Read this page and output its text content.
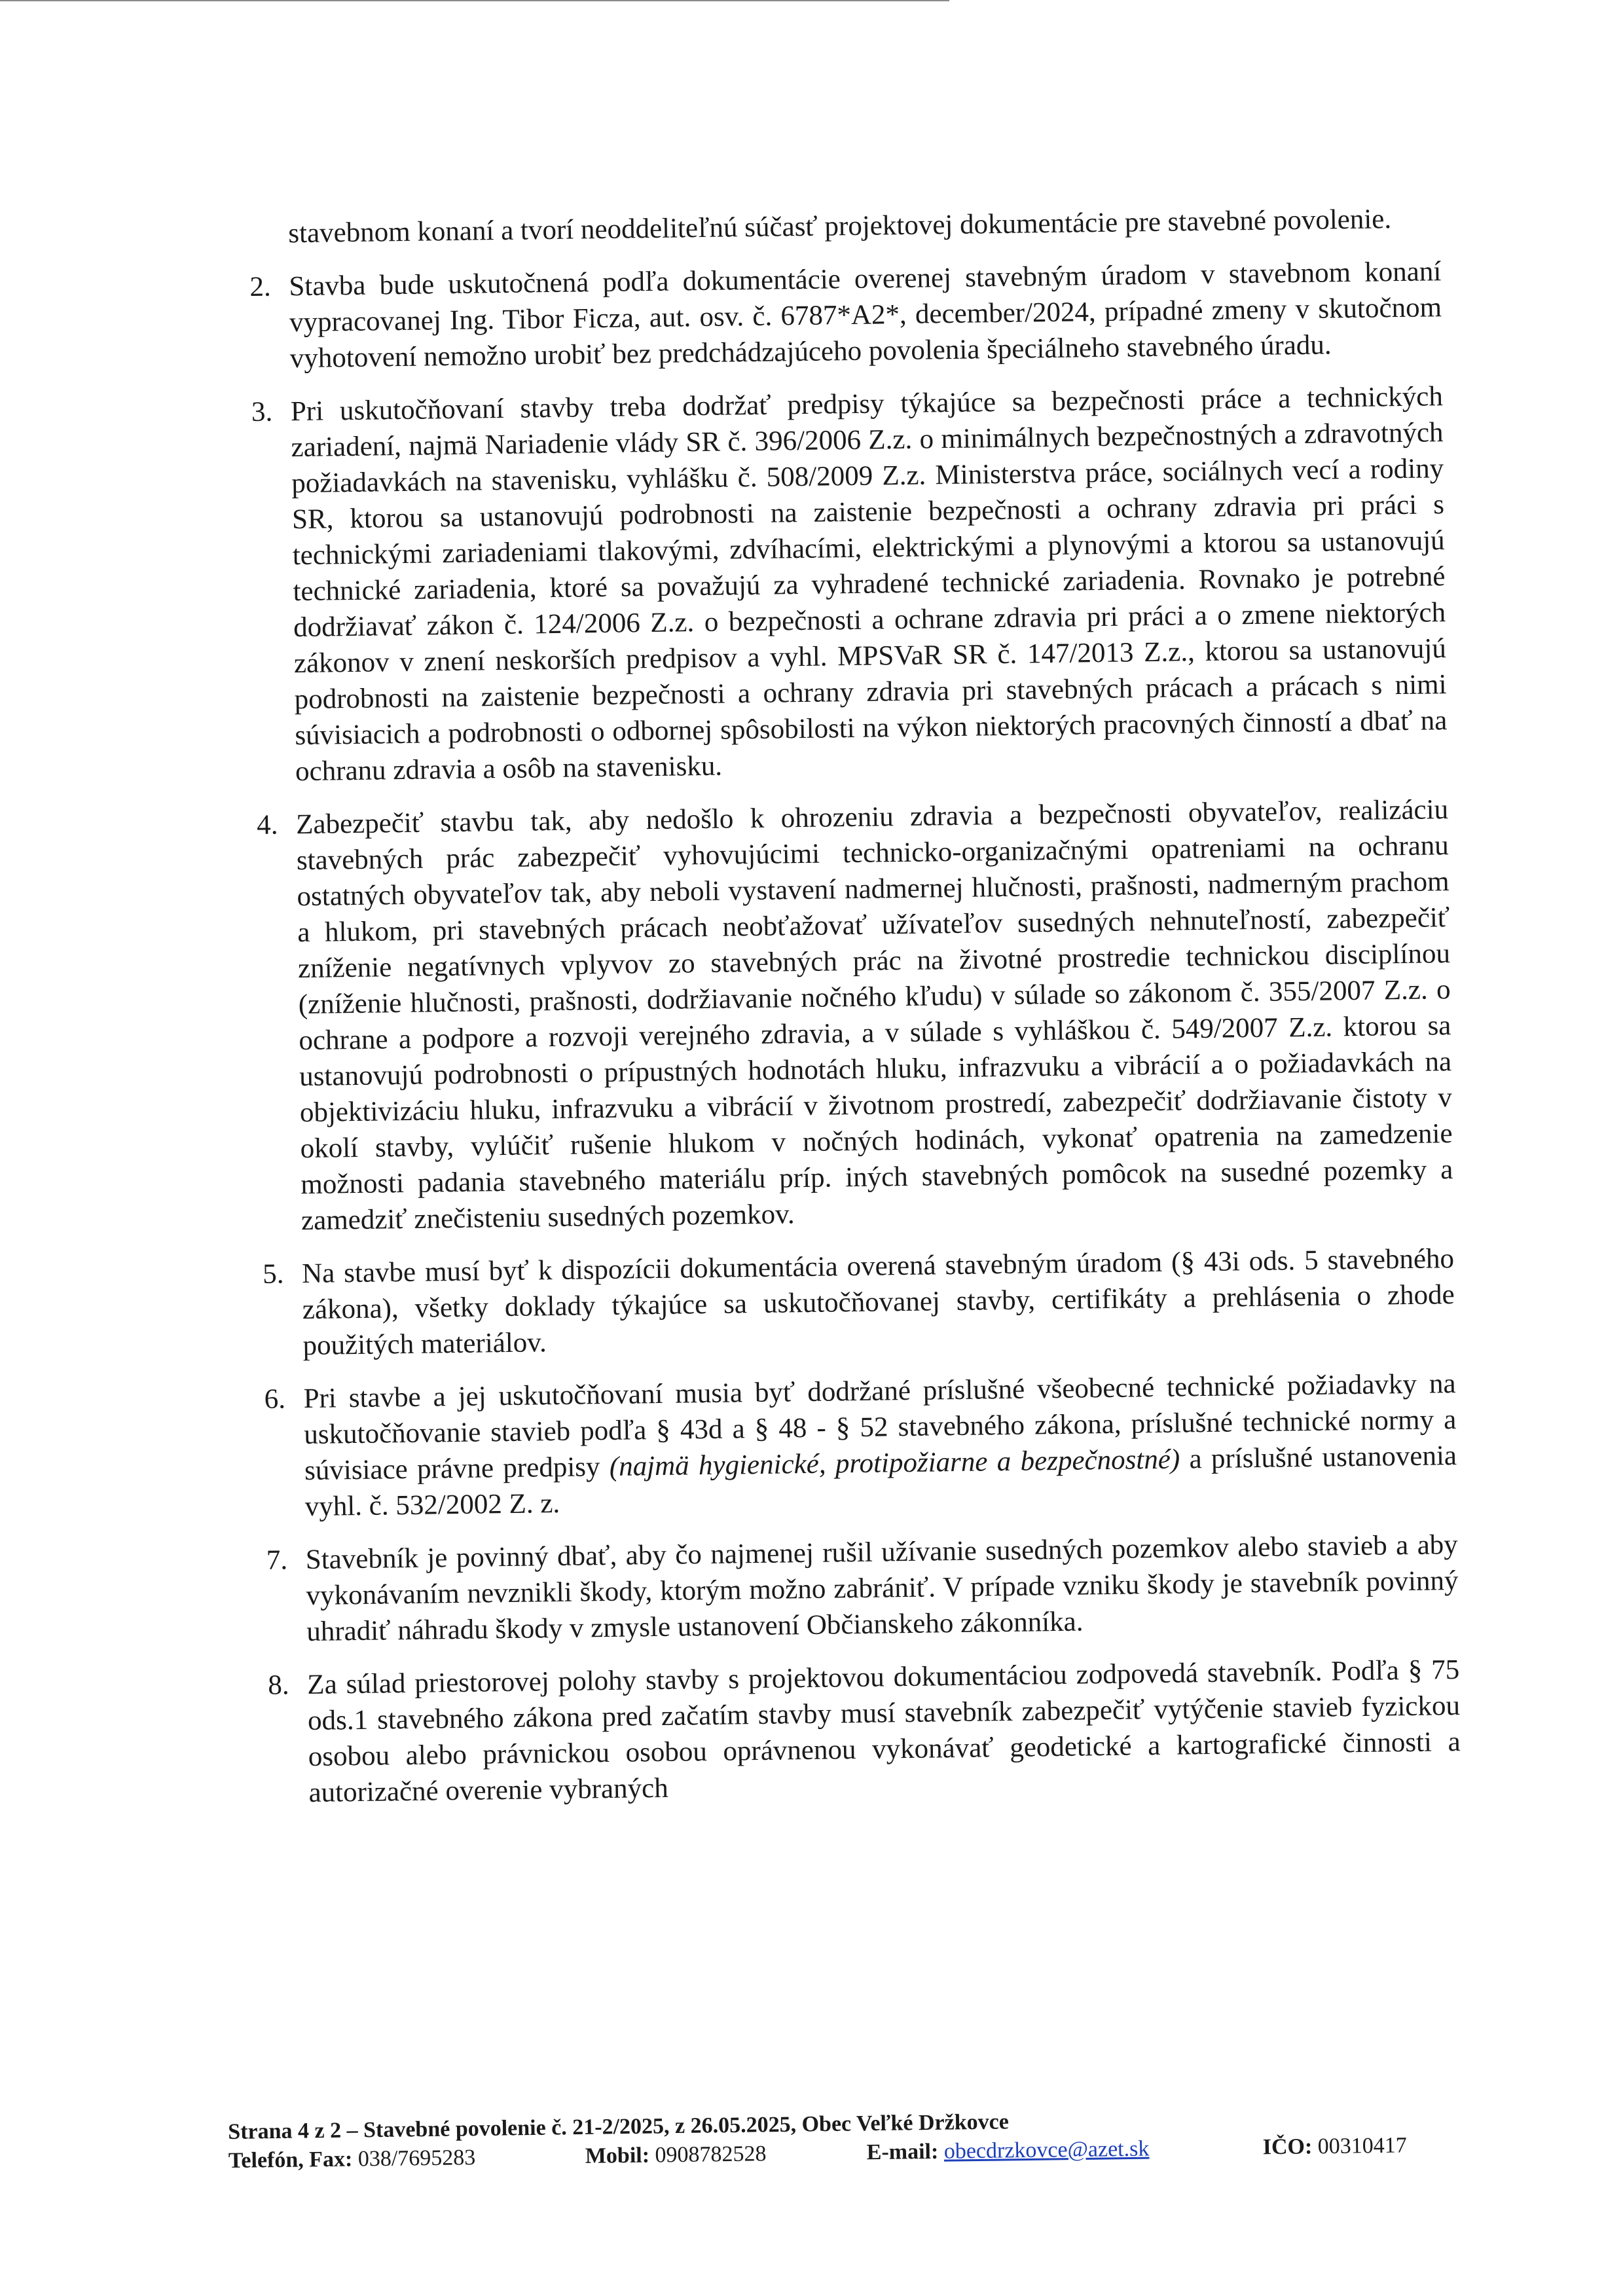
stavebnom konaní a tvorí neoddeliteľnú súčasť projektovej dokumentácie pre stavebné povolenie.

2. Stavba bude uskutočnená podľa dokumentácie overenej stavebným úradom v stavebnom konaní vypracovanej Ing. Tibor Ficza, aut. osv. č. 6787*A2*, december/2024, prípadné zmeny v skutočnom vyhotovení nemožno urobiť bez predchádzajúceho povolenia špeciálneho stavebného úradu.

3. Pri uskutočňovaní stavby treba dodržať predpisy týkajúce sa bezpečnosti práce a technických zariadení, najmä Nariadenie vlády SR č. 396/2006 Z.z. o minimálnych bezpečnostných a zdravotných požiadavkách na stavenisku, vyhlášku č. 508/2009 Z.z. Ministerstva práce, sociálnych vecí a rodiny SR, ktorou sa ustanovujú podrobnosti na zaistenie bezpečnosti a ochrany zdravia pri práci s technickými zariadeniami tlakovými, zdvíhacími, elektrickými a plynovými a ktorou sa ustanovujú technické zariadenia, ktoré sa považujú za vyhradené technické zariadenia. Rovnako je potrebné dodržiavať zákon č. 124/2006 Z.z. o bezpečnosti a ochrane zdravia pri práci a o zmene niektorých zákonov v znení neskorších predpisov a vyhl. MPSVaR SR č. 147/2013 Z.z., ktorou sa ustanovujú podrobnosti na zaistenie bezpečnosti a ochrany zdravia pri stavebných prácach a prácach s nimi súvisiacich a podrobnosti o odbornej spôsobilosti na výkon niektorých pracovných činností a dbať na ochranu zdravia a osôb na stavenisku.

4. Zabezpečiť stavbu tak, aby nedošlo k ohrozeniu zdravia a bezpečnosti obyvateľov, realizáciu stavebných prác zabezpečiť vyhovujúcimi technicko-organizačnými opatreniami na ochranu ostatných obyvateľov tak, aby neboli vystavení nadmernej hlučnosti, prašnosti, nadmerným prachom a hlukom, pri stavebných prácach neobťažovať užívateľov susedných nehnuteľností, zabezpečiť zníženie negatívnych vplyvov zo stavebných prác na životné prostredie technickou disciplínou (zníženie hlučnosti, prašnosti, dodržiavanie nočného kľudu) v súlade so zákonom č. 355/2007 Z.z. o ochrane a podpore a rozvoji verejného zdravia, a v súlade s vyhláškou č. 549/2007 Z.z. ktorou sa ustanovujú podrobnosti o prípustných hodnotách hluku, infrazvuku a vibrácií a o požiadavkách na objektivizáciu hluku, infrazvuku a vibrácií v životnom prostredí, zabezpečiť dodržiavanie čistoty v okolí stavby, vylúčiť rušenie hlukom v nočných hodinách, vykonať opatrenia na zamedzenie možnosti padania stavebného materiálu príp. iných stavebných pomôcok na susedné pozemky a zamedziť znečisteniu susedných pozemkov.

5. Na stavbe musí byť k dispozícii dokumentácia overená stavebným úradom (§ 43i ods. 5 stavebného zákona), všetky doklady týkajúce sa uskutočňovanej stavby, certifikáty a prehlásenia o zhode použitých materiálov.

6. Pri stavbe a jej uskutočňovaní musia byť dodržané príslušné všeobecné technické požiadavky na uskutočňovanie stavieb podľa § 43d a § 48 - § 52 stavebného zákona, príslušné technické normy a súvisiace právne predpisy (najmä hygienické, protipožiarne a bezpečnostné) a príslušné ustanovenia vyhl. č. 532/2002 Z. z.

7. Stavebník je povinný dbať, aby čo najmenej rušil užívanie susedných pozemkov alebo stavieb a aby vykonávaním nevznikli škody, ktorým možno zabrániť. V prípade vzniku škody je stavebník povinný uhradiť náhradu škody v zmysle ustanovení Občianskeho zákonníka.

8. Za súlad priestorovej polohy stavby s projektovou dokumentáciou zodpovedá stavebník. Podľa § 75 ods.1 stavebného zákona pred začatím stavby musí stavebník zabezpečiť vytýčenie stavieb fyzickou osobou alebo právnickou osobou oprávnenou vykonávať geodetické a kartografické činnosti a autorizačné overenie vybraných

Strana 4 z 2 – Stavebné povolenie č. 21-2/2025, z 26.05.2025, Obec Veľké Držkovce
Telefón, Fax: 038/7695283	Mobil: 0908782528	E-mail: obecdrzkovce@azet.sk	IČO: 00310417
